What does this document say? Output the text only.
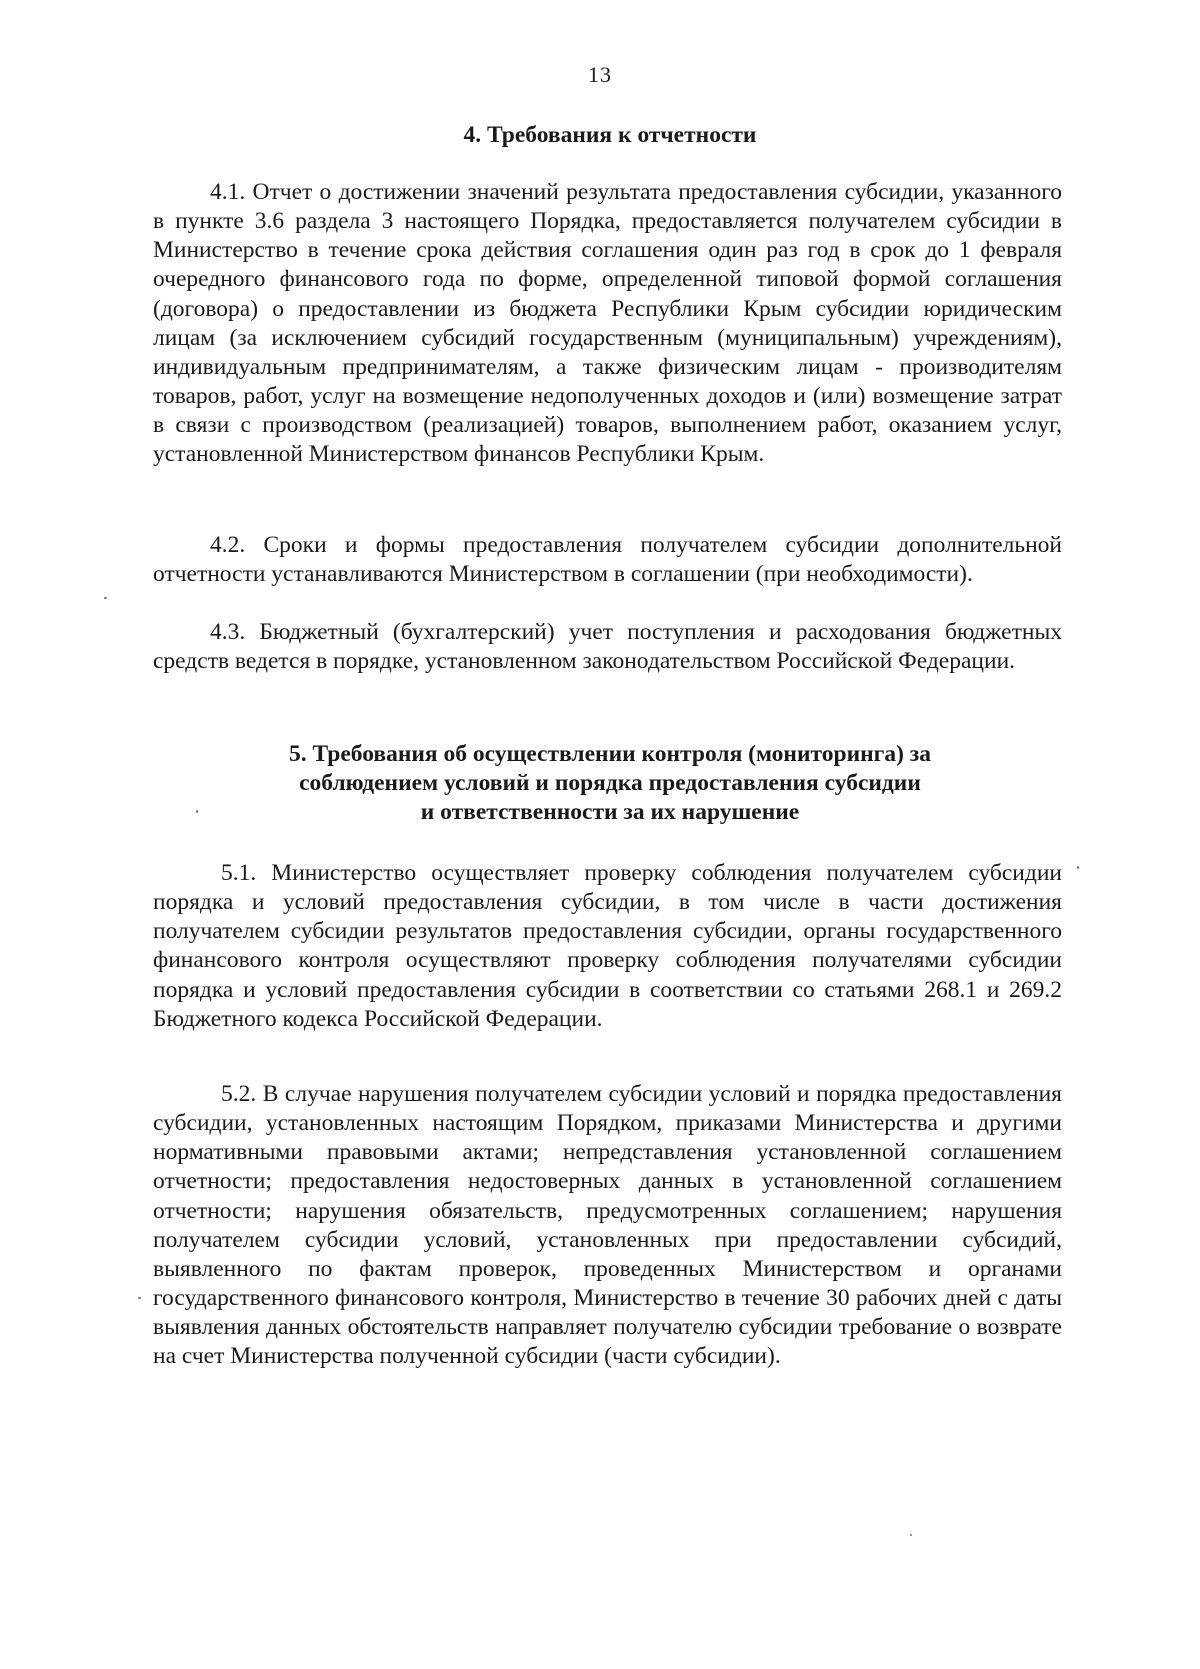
13
4. Требования к отчетности

4.1. Отчет о достижении значений результата предоставления субсидии, указанного в пункте 3.6 раздела 3 настоящего Порядка, предоставляется получателем субсидии в Министерство в течение срока действия соглашения один раз год в срок до 1 февраля очередного финансового года по форме, определенной типовой формой соглашения (договора) о предоставлении из бюджета Республики Крым субсидии юридическим лицам (за исключением субсидий государственным (муниципальным) учреждениям), индивидуальным предпринимателям, а также физическим лицам - производителям товаров, работ, услуг на возмещение недополученных доходов и (или) возмещение затрат в связи с производством (реализацией) товаров, выполнением работ, оказанием услуг, установленной Министерством финансов Республики Крым.

4.2. Сроки и формы предоставления получателем субсидии дополнительной отчетности устанавливаются Министерством в соглашении (при необходимости).

4.3. Бюджетный (бухгалтерский) учет поступления и расходования бюджетных средств ведется в порядке, установленном законодательством Российской Федерации.

5. Требования об осуществлении контроля (мониторинга) за
соблюдением условий и порядка предоставления субсидии
и ответственности за их нарушение

5.1. Министерство осуществляет проверку соблюдения получателем субсидии порядка и условий предоставления субсидии, в том числе в части достижения получателем субсидии результатов предоставления субсидии, органы государственного финансового контроля осуществляют проверку соблюдения получателями субсидии порядка и условий предоставления субсидии в соответствии со статьями 268.1 и 269.2 Бюджетного кодекса Российской Федерации.

5.2. В случае нарушения получателем субсидии условий и порядка предоставления субсидии, установленных настоящим Порядком, приказами Министерства и другими нормативными правовыми актами; непредставления установленной соглашением отчетности; предоставления недостоверных данных в установленной соглашением отчетности; нарушения обязательств, предусмотренных соглашением; нарушения получателем субсидии условий, установленных при предоставлении субсидий, выявленного по фактам проверок, проведенных Министерством и органами государственного финансового контроля, Министерство в течение 30 рабочих дней с даты выявления данных обстоятельств направляет получателю субсидии требование о возврате на счет Министерства полученной субсидии (части субсидии).
